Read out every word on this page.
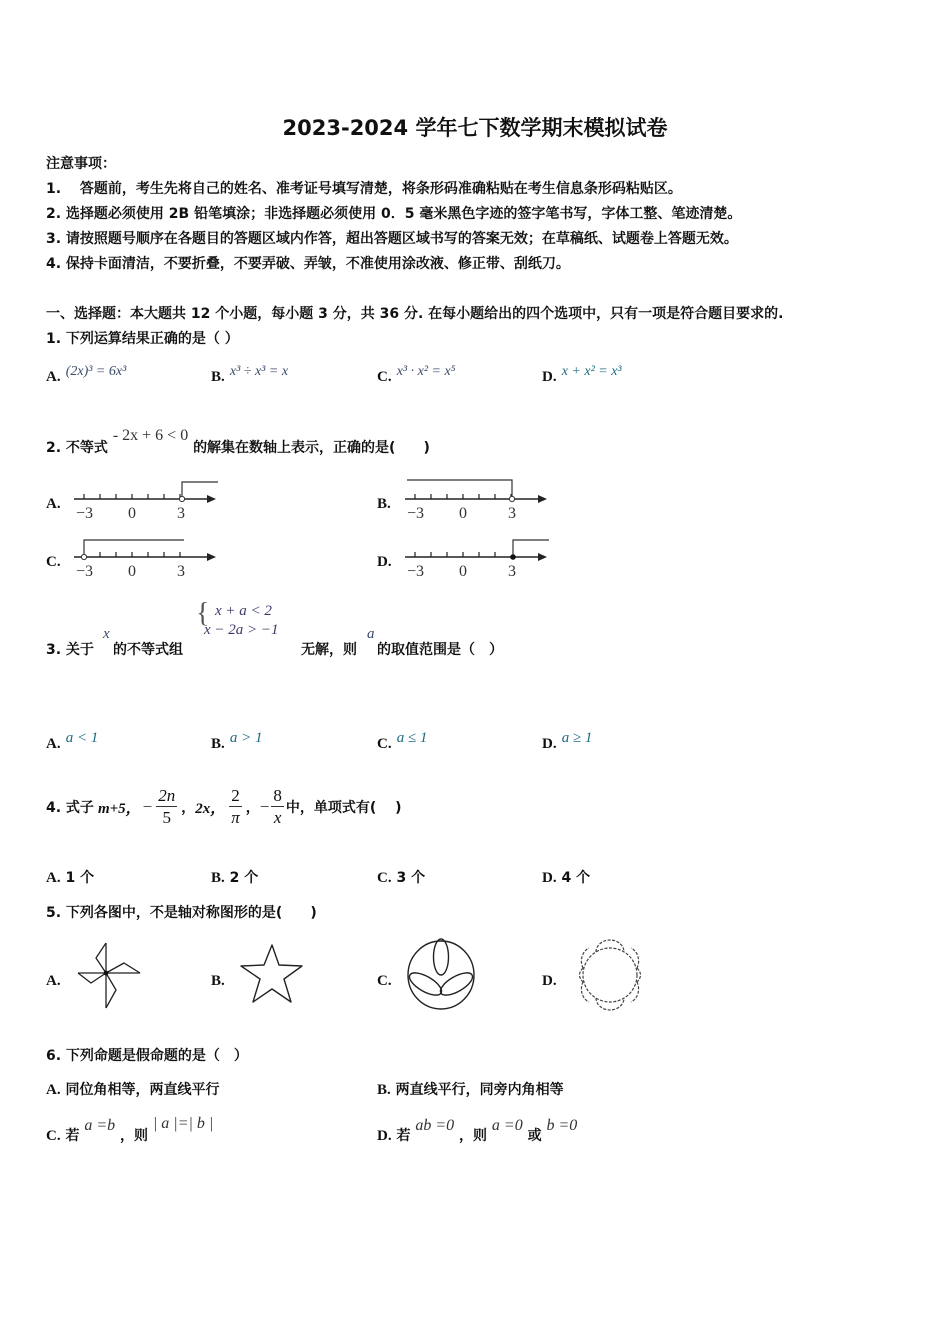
2023-2024 学年七下数学期末模拟试卷
注意事项：
1.　 答题前，考生先将自己的姓名、准考证号填写清楚，将条形码准确粘贴在考生信息条形码粘贴区。
2. 选择题必须使用 2B 铅笔填涂；非选择题必须使用 0．5 毫米黑色字迹的签字笔书写，字体工整、笔迹清楚。
3. 请按照题号顺序在各题目的答题区域内作答，超出答题区域书写的答案无效；在草稿纸、试题卷上答题无效。
4. 保持卡面清洁，不要折叠，不要弄破、弄皱，不准使用涂改液、修正带、刮纸刀。
一、选择题：本大题共 12 个小题，每小题 3 分，共 36 分. 在每小题给出的四个选项中，只有一项是符合题目要求的.
1. 下列运算结果正确的是（ ）
A. (2x)³ = 6x³	B. x³ ÷ x³ = x	C. x³ · x² = x⁵	D. x + x² = x³
2. 不等式 - 2x + 6 < 0 的解集在数轴上表示，正确的是(　　)
A.
−3 0	3
B.
−3 0	3
C.
−3 0	3
D.
−3 0	3
3. 关于
x
的不等式组
{ x + a < 2
x − 2a > −1
无解，则
a
的取值范围是（　）
A. a < 1	B. a > 1	C. a ≤ 1	D. a ≥ 1
4. 式子 m+5， − $\frac{2n}{5}$ ， 2x， $\frac{2}{\pi}$ ， − $\frac{8}{x}$ 中，单项式有(　 )
A. 1 个	B. 2 个	C. 3 个	D. 4 个
5. 下列各图中，不是轴对称图形的是(　　)
A.	B.	C.	D.
6. 下列命题是假命题的是（　）
A. 同位角相等，两直线平行	B. 两直线平行，同旁内角相等
C. 若 a =b ，则 | a |=| b |
D. 若 ab =0 ，则 a =0 或 b =0
